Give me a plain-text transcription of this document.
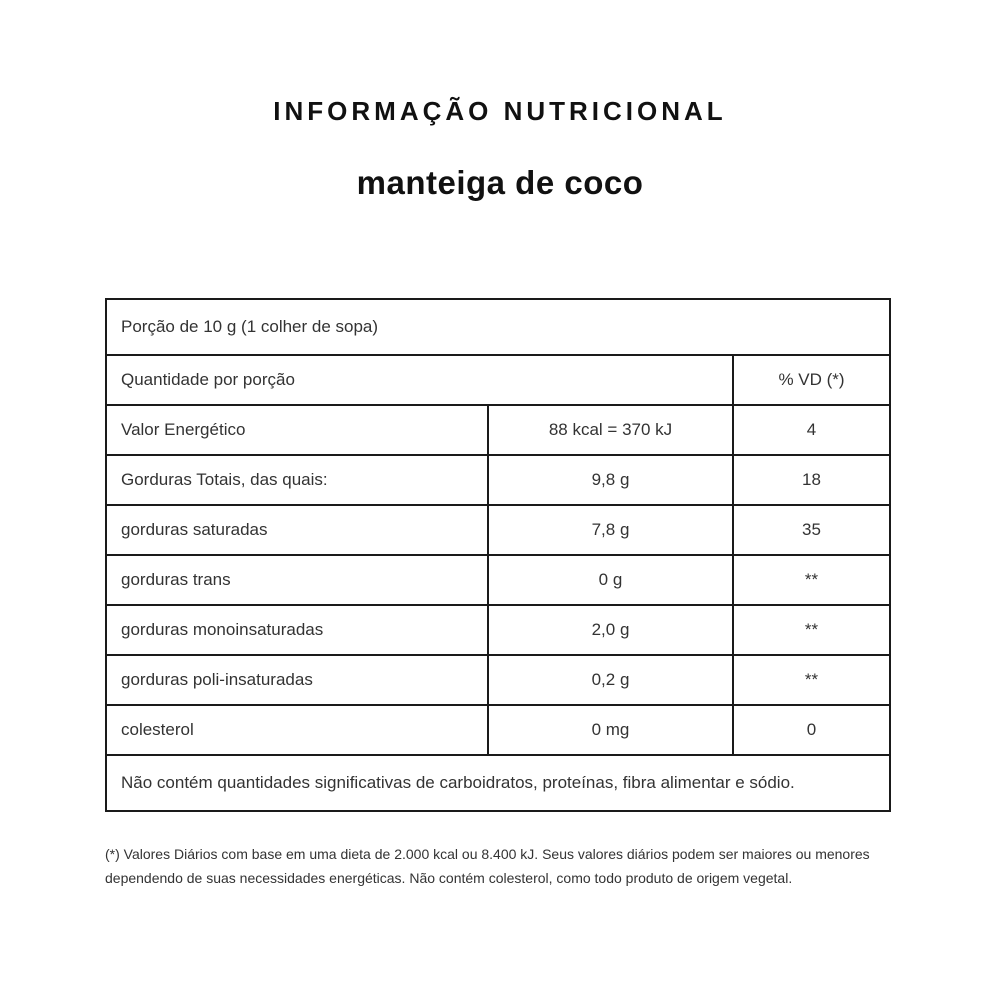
INFORMAÇÃO NUTRICIONAL
manteiga de coco
Porção de 10 g (1 colher de sopa)		
Quantidade por porção		% VD (*)
Valor Energético	88 kcal = 370 kJ	4
Gorduras Totais, das quais:	9,8 g	18
gorduras saturadas	7,8 g	35
gorduras trans	0 g	**
gorduras monoinsaturadas	2,0 g	**
gorduras poli-insaturadas	0,2 g	**
colesterol	0 mg	0
Não contém quantidades significativas de carboidratos, proteínas, fibra alimentar e sódio.		
(*) Valores Diários com base em uma dieta de 2.000 kcal ou 8.400 kJ. Seus valores diários podem ser maiores ou menores dependendo de suas necessidades energéticas. Não contém colesterol, como todo produto de origem vegetal.
